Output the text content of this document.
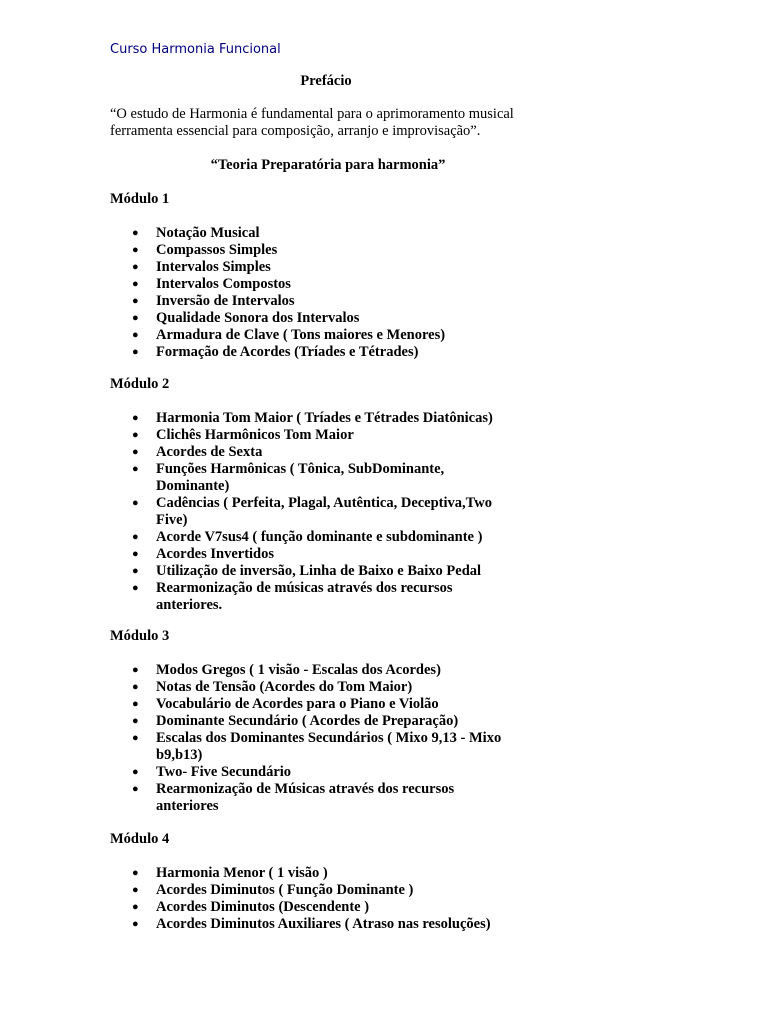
Curso Harmonia Funcional
Prefácio
“O estudo de Harmonia é fundamental para o aprimoramento musical
ferramenta essencial para composição, arranjo e improvisação”.
“Teoria Preparatória para harmonia”
Módulo 1
● Notação Musical
● Compassos Simples
● Intervalos Simples
● Intervalos Compostos
● Inversão de Intervalos
● Qualidade Sonora dos Intervalos
● Armadura de Clave ( Tons maiores e Menores)
● Formação de Acordes (Tríades e Tétrades)
Módulo 2
● Harmonia Tom Maior ( Tríades e Tétrades Diatônicas)
● Clichês Harmônicos Tom Maior
● Acordes de Sexta
● Funções Harmônicas ( Tônica, SubDominante, Dominante)
● Cadências ( Perfeita, Plagal, Autêntica, Deceptiva,Two Five)
● Acorde V7sus4 ( função dominante e subdominante )
● Acordes Invertidos
● Utilização de inversão, Linha de Baixo e Baixo Pedal
● Rearmonização de músicas através dos recursos anteriores.
Módulo 3
● Modos Gregos ( 1 visão - Escalas dos Acordes)
● Notas de Tensão (Acordes do Tom Maior)
● Vocabulário de Acordes para o Piano e Violão
● Dominante Secundário ( Acordes de Preparação)
● Escalas dos Dominantes Secundários ( Mixo 9,13 - Mixo b9,b13)
● Two- Five Secundário
● Rearmonização de Músicas através dos recursos anteriores
Módulo 4
● Harmonia Menor ( 1 visão )
● Acordes Diminutos ( Função Dominante )
● Acordes Diminutos (Descendente )
● Acordes Diminutos Auxiliares ( Atraso nas resoluções)
